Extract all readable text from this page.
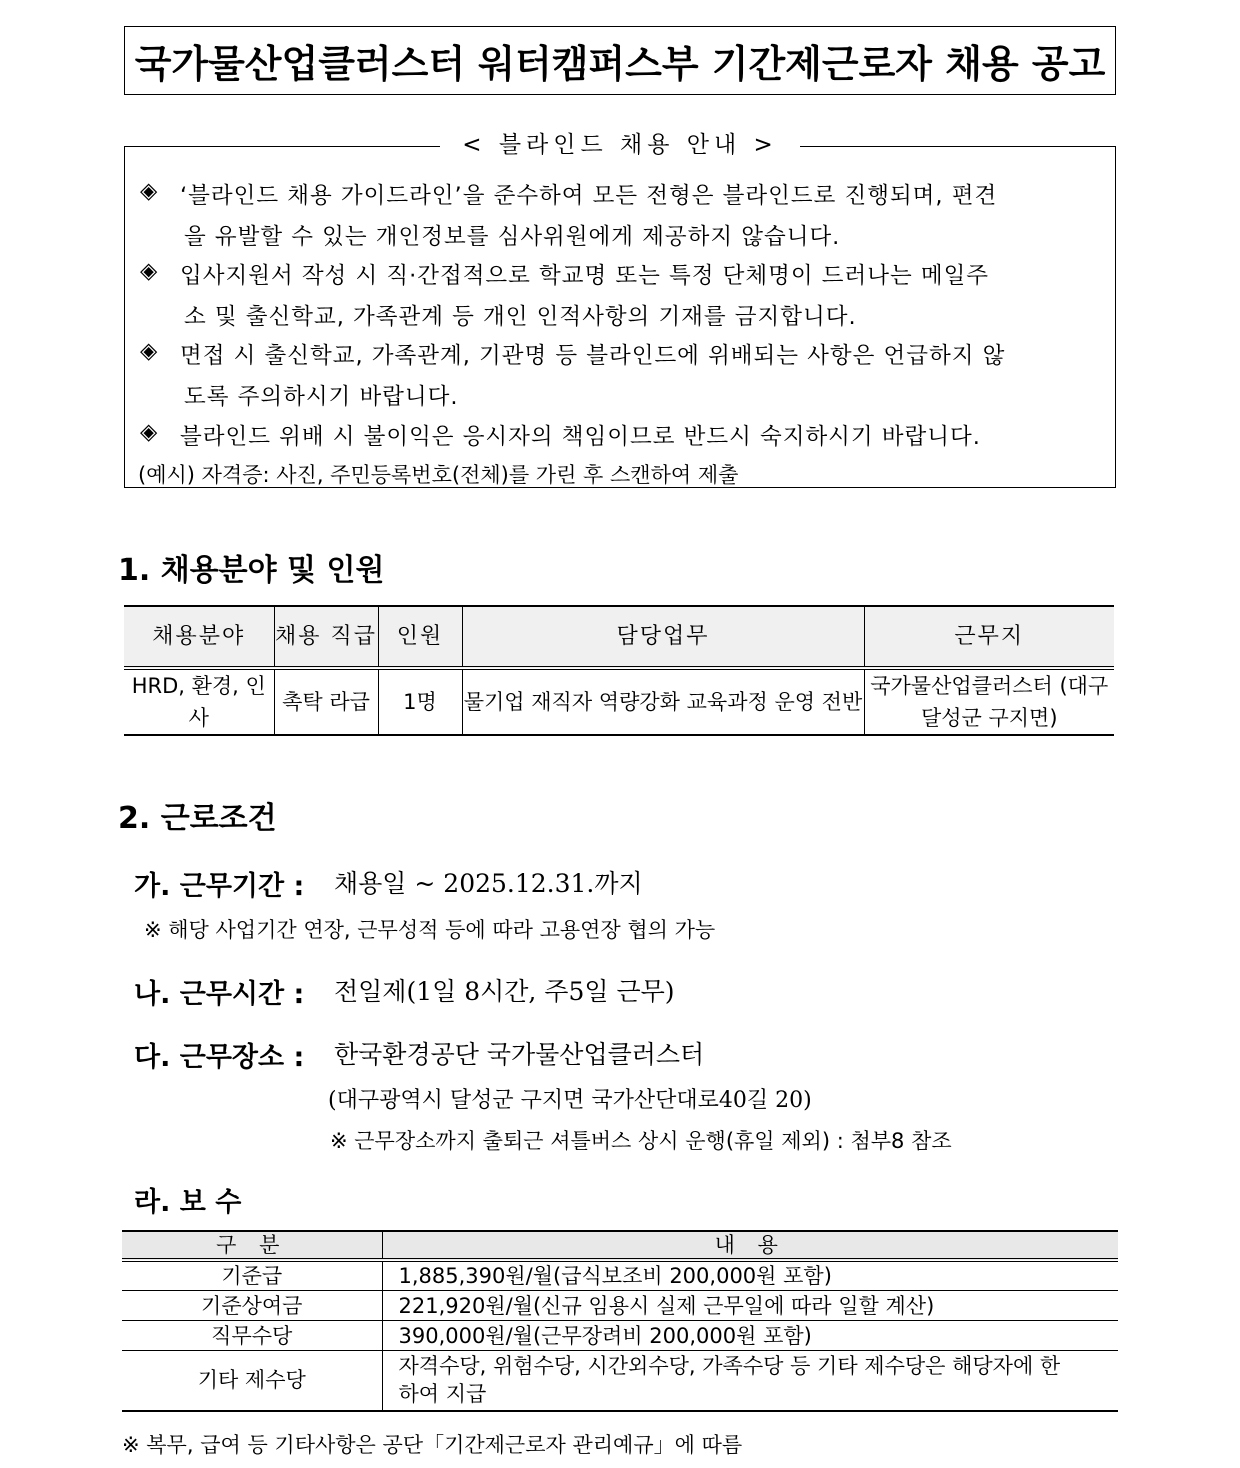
국가물산업클러스터 워터캠퍼스부 기간제근로자 채용 공고
< 블라인드 채용 안내 >
◈ ‘블라인드 채용 가이드라인’을 준수하여 모든 전형은 블라인드로 진행되며, 편견
을 유발할 수 있는 개인정보를 심사위원에게 제공하지 않습니다.
◈ 입사지원서 작성 시 직·간접적으로 학교명 또는 특정 단체명이 드러나는 메일주
소 및 출신학교, 가족관계 등 개인 인적사항의 기재를 금지합니다.
◈ 면접 시 출신학교, 가족관계, 기관명 등 블라인드에 위배되는 사항은 언급하지 않
도록 주의하시기 바랍니다.
◈ 블라인드 위배 시 불이익은 응시자의 책임이므로 반드시 숙지하시기 바랍니다.
(예시) 자격증: 사진, 주민등록번호(전체)를 가린 후 스캔하여 제출
1. 채용분야 및 인원
채용분야	채용 직급	인원	담당업무	근무지
HRD, 환경, 인사	촉탁 라급	1명	물기업 재직자 역량강화 교육과정 운영 전반	국가물산업클러스터 (대구 달성군 구지면)
2. 근로조건
가. 근무기간 : 채용일 ~ 2025.12.31.까지
※ 해당 사업기간 연장, 근무성적 등에 따라 고용연장 협의 가능
나. 근무시간 : 전일제(1일 8시간, 주5일 근무)
다. 근무장소 : 한국환경공단 국가물산업클러스터
(대구광역시 달성군 구지면 국가산단대로40길 20)
※ 근무장소까지 출퇴근 셔틀버스 상시 운행(휴일 제외) : 첨부8 참조
라. 보 수
구 분	내 용
기준급	1,885,390원/월(급식보조비 200,000원 포함)
기준상여금	221,920원/월(신규 임용시 실제 근무일에 따라 일할 계산)
직무수당	390,000원/월(근무장려비 200,000원 포함)
기타 제수당	자격수당, 위험수당, 시간외수당, 가족수당 등 기타 제수당은 해당자에 한하여 지급
※ 복무, 급여 등 기타사항은 공단「기간제근로자 관리예규」에 따름
